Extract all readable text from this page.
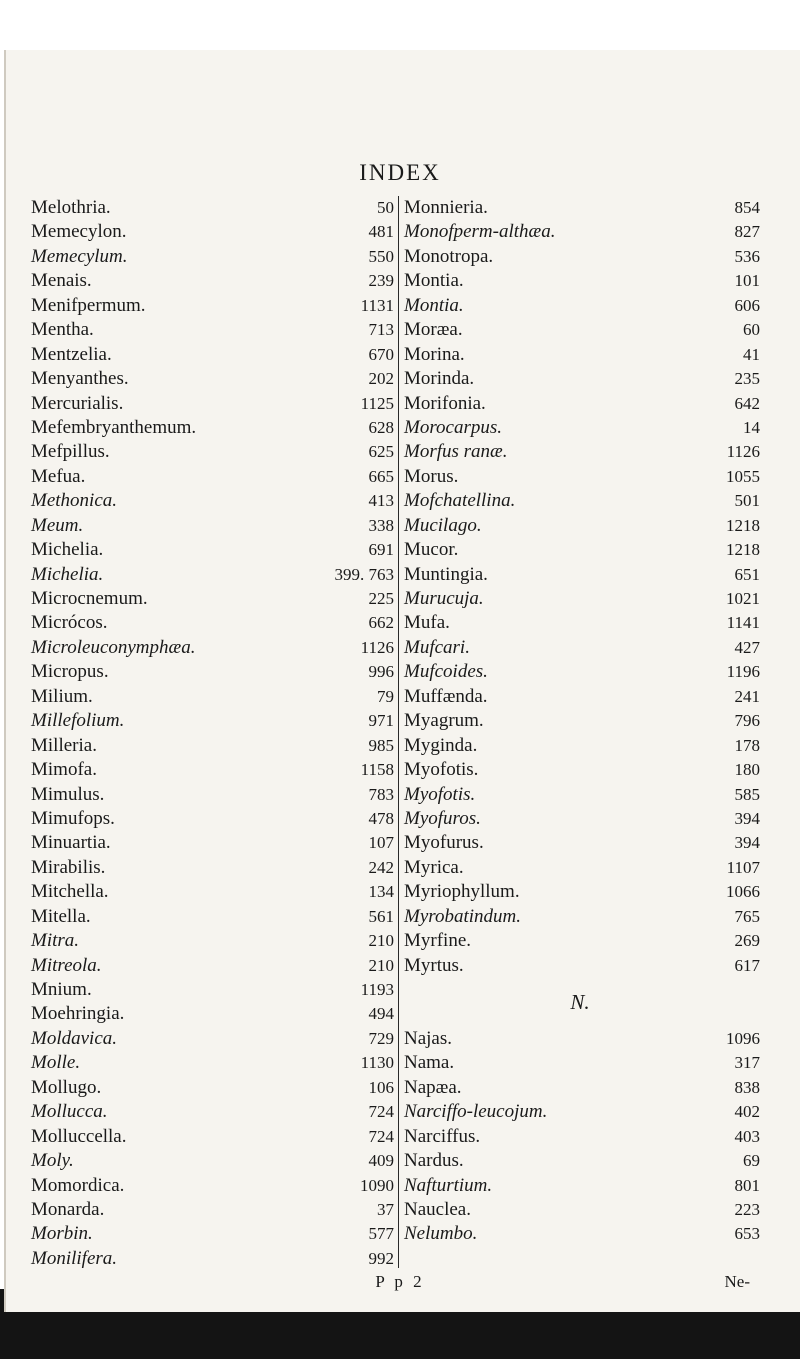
INDEX
Melothria.	50
Memecylon.	481
Memecylum.	550
Menais.	239
Menifpermum.	1131
Mentha.	713
Mentzelia.	670
Menyanthes.	202
Mercurialis.	1125
Mefembryanthemum.	628
Mefpillus.	625
Mefua.	665
Methonica.	413
Meum.	338
Michelia.	691
Michelia.	399. 763
Microcnemum.	225
Micrócos.	662
Microleuconymphæa.	1126
Micropus.	996
Milium.	79
Millefolium.	971
Milleria.	985
Mimofa.	1158
Mimulus.	783
Mimufops.	478
Minuartia.	107
Mirabilis.	242
Mitchella.	134
Mitella.	561
Mitra.	210
Mitreola.	210
Mnium.	1193
Moehringia.	494
Moldavica.	729
Molle.	1130
Mollugo.	106
Mollucca.	724
Molluccella.	724
Moly.	409
Momordica.	1090
Monarda.	37
Morbin.	577
Monilifera.	992
Monnieria.	854
Monofperm-althæa.	827
Monotropa.	536
Montia.	101
Montia.	606
Moræa.	60
Morina.	41
Morinda.	235
Morifonia.	642
Morocarpus.	14
Morfus ranæ.	1126
Morus.	1055
Mofchatellina.	501
Mucilago.	1218
Mucor.	1218
Muntingia.	651
Murucuja.	1021
Mufa.	1141
Mufcari.	427
Mufcoides.	1196
Muffænda.	241
Myagrum.	796
Myginda.	178
Myofotis.	180
Myofotis.	585
Myofuros.	394
Myofurus.	394
Myrica.	1107
Myriophyllum.	1066
Myrobatindum.	765
Myrfine.	269
Myrtus.	617
N.
Najas.	1096
Nama.	317
Napæa.	838
Narciffo-leucojum.	402
Narciffus.	403
Nardus.	69
Nafturtium.	801
Nauclea.	223
Nelumbo.	653
P p 2	Ne-
